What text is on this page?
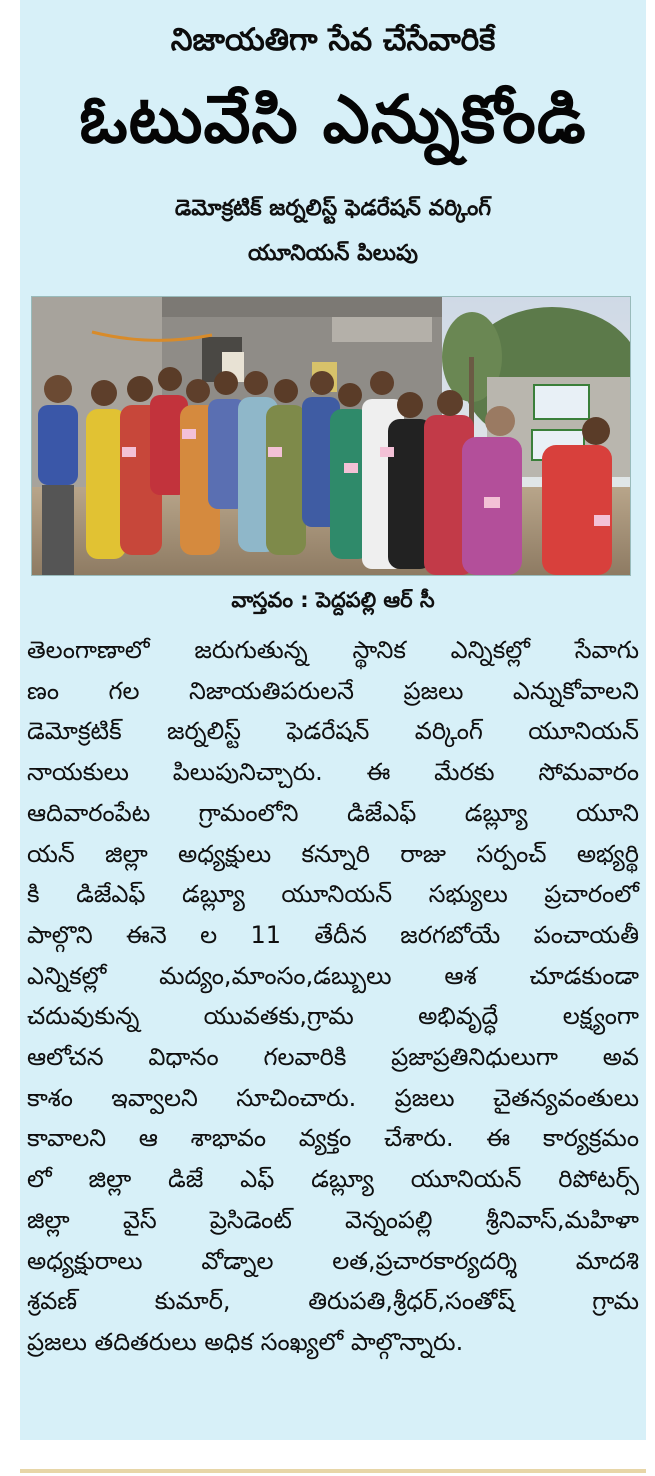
నిజాయతిగా సేవ చేసేవారికే
ఓటువేసి ఎన్నుకోండి
డెమోక్రటిక్ జర్నలిస్ట్ ఫెడరేషన్ వర్కింగ్
యూనియన్ పిలుపు
వాస్తవం : పెద్దపల్లి ఆర్ సీ
తెలంగాణాలో జరుగుతున్న స్థానిక ఎన్నికల్లో సేవాగు
ణం గల నిజాయతిపరులనే ప్రజలు ఎన్నుకోవాలని
డెమోక్రటిక్ జర్నలిస్ట్ ఫెడరేషన్ వర్కింగ్ యూనియన్
నాయకులు పిలుపునిచ్చారు. ఈ మేరకు సోమవారం
ఆదివారంపేట గ్రామంలోని డిజేఎఫ్ డబ్ల్యూ యూని
యన్ జిల్లా అధ్యక్షులు కన్నూరి రాజు సర్పంచ్ అభ్యర్థి
కి డిజేఎఫ్ డబ్ల్యూ యూనియన్ సభ్యులు ప్రచారంలో
పాల్గొని ఈనె ల 11 తేదీన జరగబోయే పంచాయతీ
ఎన్నికల్లో మద్యం,మాంసం,డబ్బులు ఆశ చూడకుండా
చదువుకున్న యువతకు,గ్రామ అభివృద్ధే లక్ష్యంగా
ఆలోచన విధానం గలవారికి ప్రజాప్రతినిధులుగా అవ
కాశం ఇవ్వాలని సూచించారు. ప్రజలు చైతన్యవంతులు
కావాలని ఆ శాభావం వ్యక్తం చేశారు. ఈ కార్యక్రమం
లో జిల్లా డిజే ఎఫ్ డబ్ల్యూ యూనియన్ రిపోటర్స్
జిల్లా వైస్ ప్రెసిడెంట్ వెన్నంపల్లి శ్రీనివాస్,మహిళా
అధ్యక్షురాలు వోడ్నాల లత,ప్రచారకార్యదర్శి మాదశి
శ్రవణ్ కుమార్, తిరుపతి,శ్రీధర్,సంతోష్ గ్రామ
ప్రజలు తదితరులు అధిక సంఖ్యలో పాల్గొన్నారు.
